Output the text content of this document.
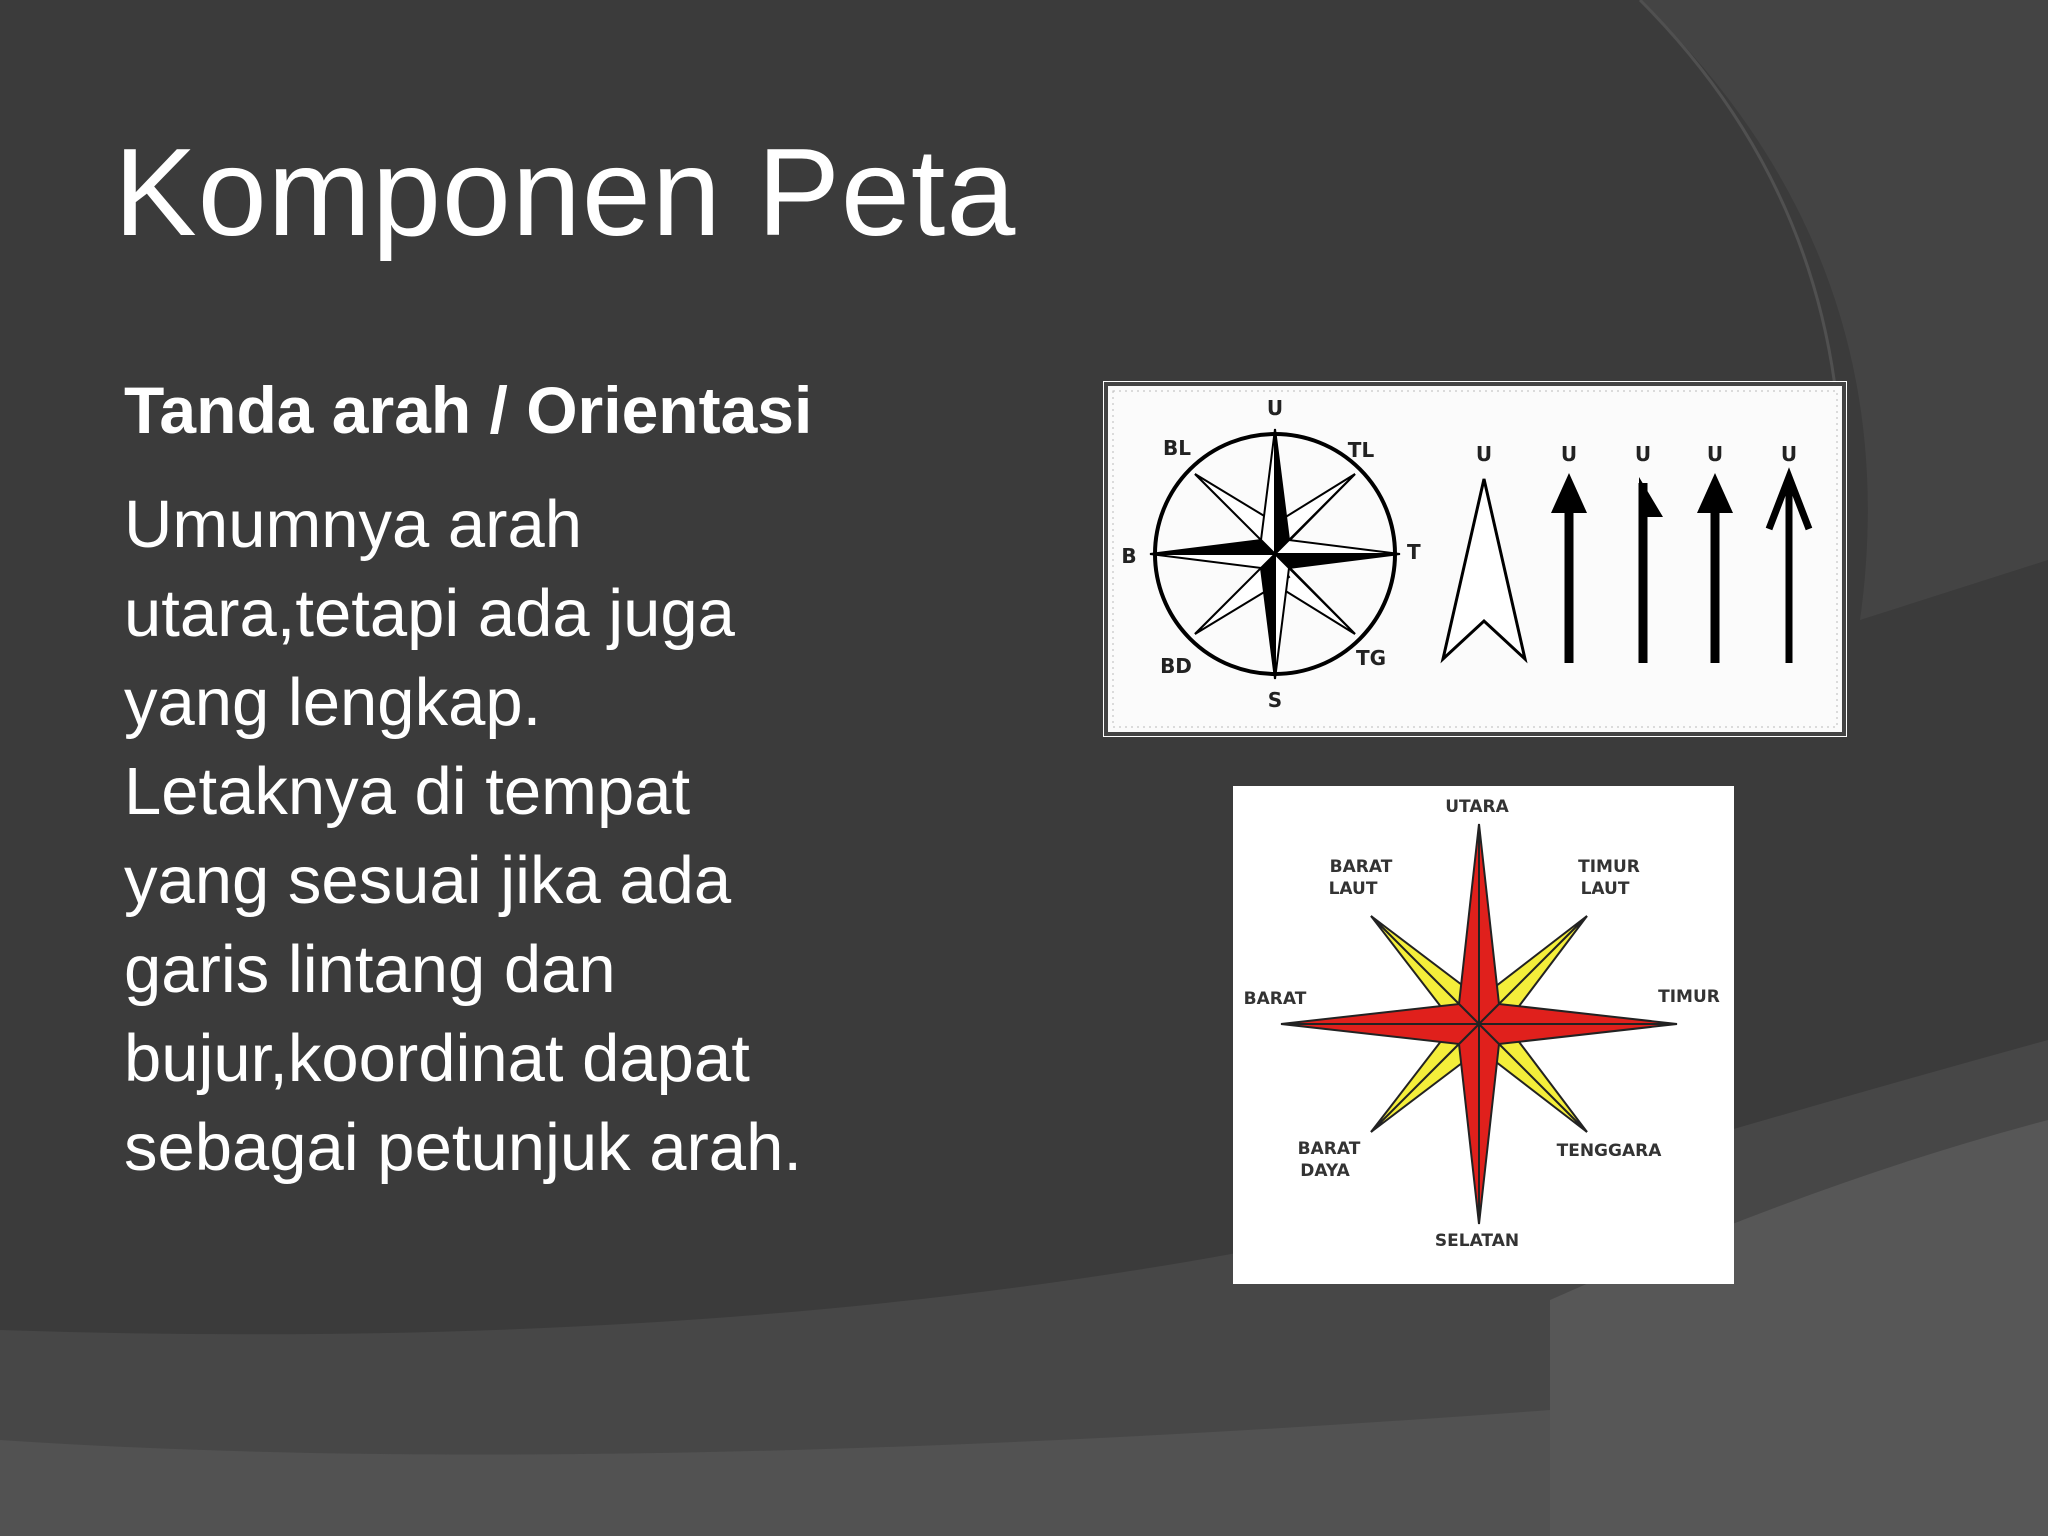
Komponen Peta
Tanda arah / Orientasi
Umumnya arah
utara,tetapi ada juga
yang lengkap.
Letaknya di tempat
yang sesuai jika ada
garis lintang dan
bujur,koordinat dapat
sebagai petunjuk arah.
U
TL
T
TG
S
BD
B
BL	U	U	U	U	U
UTARA
TIMUR
LAUT
TIMUR
TENGGARA
SELATAN
BARAT
DAYA
BARAT
BARAT
LAUT
